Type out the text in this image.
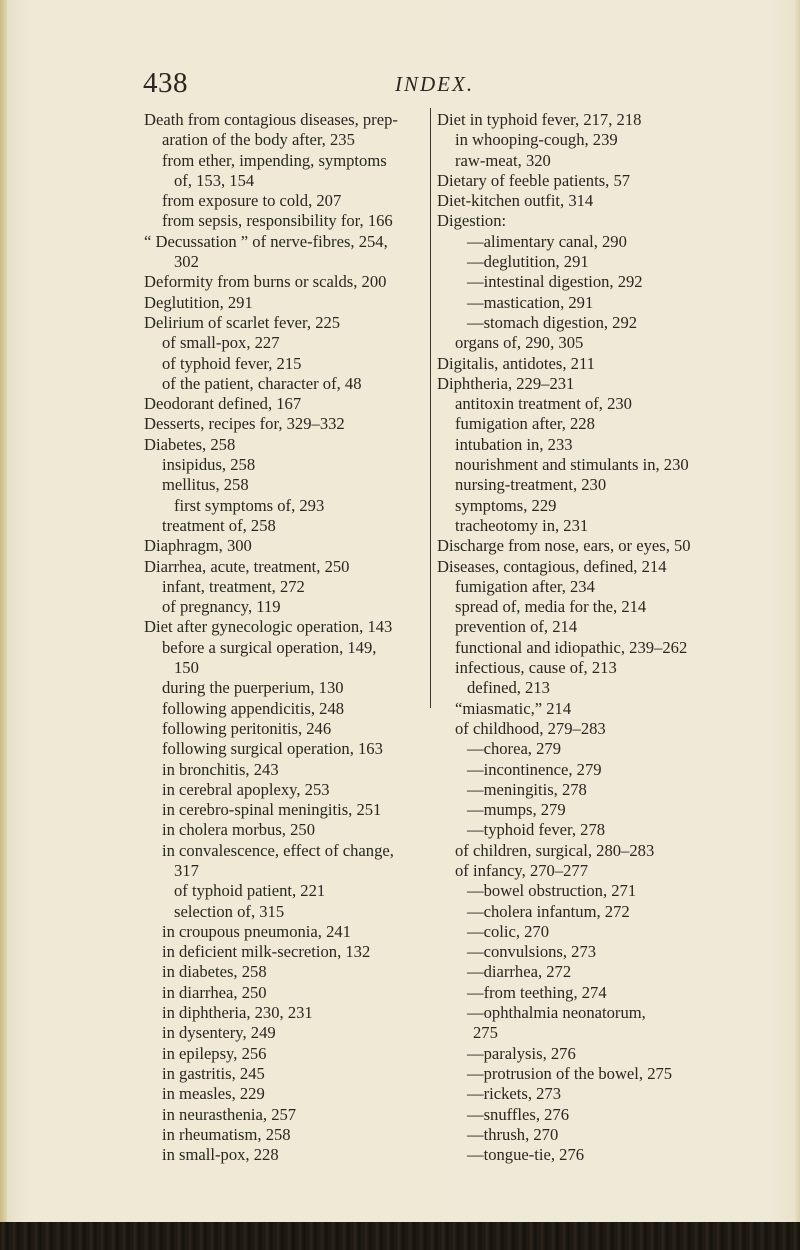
438	INDEX.
Death from contagious diseases, prep-
aration of the body after, 235
from ether, impending, symptoms
of, 153, 154
from exposure to cold, 207
from sepsis, responsibility for, 166
“ Decussation ” of nerve-fibres, 254,
302
Deformity from burns or scalds, 200
Deglutition, 291
Delirium of scarlet fever, 225
of small-pox, 227
of typhoid fever, 215
of the patient, character of, 48
Deodorant defined, 167
Desserts, recipes for, 329–332
Diabetes, 258
insipidus, 258
mellitus, 258
first symptoms of, 293
treatment of, 258
Diaphragm, 300
Diarrhea, acute, treatment, 250
infant, treatment, 272
of pregnancy, 119
Diet after gynecologic operation, 143
before a surgical operation, 149,
150
during the puerperium, 130
following appendicitis, 248
following peritonitis, 246
following surgical operation, 163
in bronchitis, 243
in cerebral apoplexy, 253
in cerebro-spinal meningitis, 251
in cholera morbus, 250
in convalescence, effect of change,
317
of typhoid patient, 221
selection of, 315
in croupous pneumonia, 241
in deficient milk-secretion, 132
in diabetes, 258
in diarrhea, 250
in diphtheria, 230, 231
in dysentery, 249
in epilepsy, 256
in gastritis, 245
in measles, 229
in neurasthenia, 257
in rheumatism, 258
in small-pox, 228
Diet in typhoid fever, 217, 218
in whooping-cough, 239
raw-meat, 320
Dietary of feeble patients, 57
Diet-kitchen outfit, 314
Digestion:
—alimentary canal, 290
—deglutition, 291
—intestinal digestion, 292
—mastication, 291
—stomach digestion, 292
organs of, 290, 305
Digitalis, antidotes, 211
Diphtheria, 229–231
antitoxin treatment of, 230
fumigation after, 228
intubation in, 233
nourishment and stimulants in, 230
nursing-treatment, 230
symptoms, 229
tracheotomy in, 231
Discharge from nose, ears, or eyes, 50
Diseases, contagious, defined, 214
fumigation after, 234
spread of, media for the, 214
prevention of, 214
functional and idiopathic, 239–262
infectious, cause of, 213
defined, 213
“miasmatic,” 214
of childhood, 279–283
—chorea, 279
—incontinence, 279
—meningitis, 278
—mumps, 279
—typhoid fever, 278
of children, surgical, 280–283
of infancy, 270–277
—bowel obstruction, 271
—cholera infantum, 272
—colic, 270
—convulsions, 273
—diarrhea, 272
—from teething, 274
—ophthalmia neonatorum,
275
—paralysis, 276
—protrusion of the bowel, 275
—rickets, 273
—snuffles, 276
—thrush, 270
—tongue-tie, 276
